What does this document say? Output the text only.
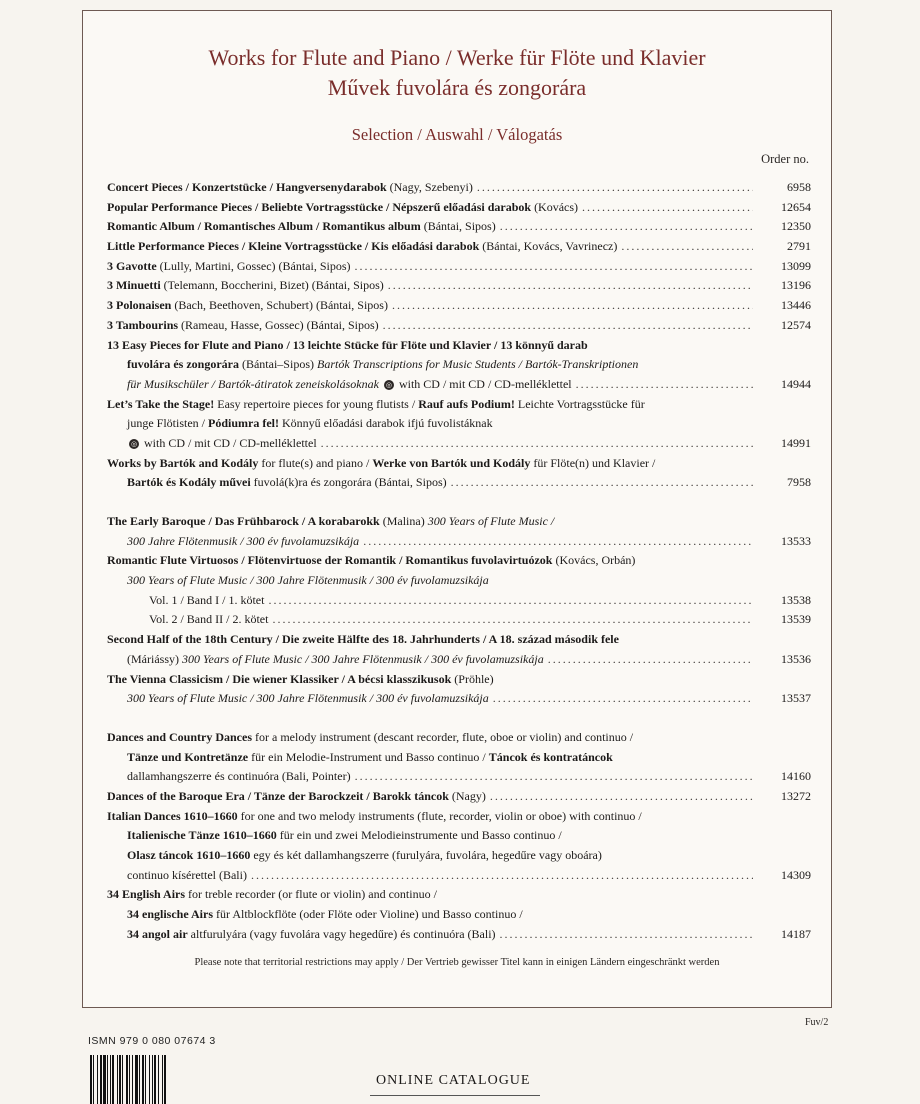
Works for Flute and Piano / Werke für Flöte und Klavier
Művek fuvolára és zongorára
Selection / Auswahl / Válogatás
Order no.
Concert Pieces / Konzertstücke / Hangversenydarabok (Nagy, Szebenyi) . . .	6958
Popular Performance Pieces / Beliebte Vortragsstücke / Népszerű előadási darabok (Kovács) . . .	12654
Romantic Album / Romantisches Album / Romantikus album (Bántai, Sipos) . . .	12350
Little Performance Pieces / Kleine Vortragsstücke / Kis előadási darabok (Bántai, Kovács, Vavrinecz) . . .	2791
3 Gavotte (Lully, Martini, Gossec) (Bántai, Sipos) . . .	13099
3 Minuetti (Telemann, Boccherini, Bizet) (Bántai, Sipos) . . .	13196
3 Polonaisen (Bach, Beethoven, Schubert) (Bántai, Sipos) . . .	13446
3 Tambourins (Rameau, Hasse, Gossec) (Bántai, Sipos) . . .	12574
13 Easy Pieces for Flute and Piano / 13 leichte Stücke für Flöte und Klavier / 13 könnyű darab
fuvolára és zongorára (Bántai–Sipos) Bartók Transcriptions for Music Students / Bartók-Transkriptionen
für Musikschüler / Bartók-átiratok zeneiskolásoknak ◎ with CD / mit CD / CD-melléklettel . . .	14944
Let’s Take the Stage! Easy repertoire pieces for young flutists / Rauf aufs Podium! Leichte Vortragsstücke für
junge Flötisten / Pódiumra fel! Könnyű előadási darabok ifjú fuvolistáknak
◎ with CD / mit CD / CD-melléklettel . . .	14991
Works by Bartók and Kodály for flute(s) and piano / Werke von Bartók und Kodály für Flöte(n) und Klavier /
Bartók és Kodály művei fuvolá(k)ra és zongorára (Bántai, Sipos) . . .	7958
The Early Baroque / Das Frühbarock / A korabarokk (Malina) 300 Years of Flute Music /
300 Jahre Flötenmusik / 300 év fuvolamuzsikája . . .	13533
Romantic Flute Virtuosos / Flötenvirtuose der Romantik / Romantikus fuvolavirtuózok (Kovács, Orbán)
300 Years of Flute Music / 300 Jahre Flötenmusik / 300 év fuvolamuzsikája
Vol. 1 / Band I / 1. kötet . . .	13538
Vol. 2 / Band II / 2. kötet . . .	13539
Second Half of the 18th Century / Die zweite Hälfte des 18. Jahrhunderts / A 18. század második fele
(Máriássy) 300 Years of Flute Music / 300 Jahre Flötenmusik / 300 év fuvolamuzsikája . . .	13536
The Vienna Classicism / Die wiener Klassiker / A bécsi klasszikusok (Pröhle)
300 Years of Flute Music / 300 Jahre Flötenmusik / 300 év fuvolamuzsikája . . .	13537
Dances and Country Dances for a melody instrument (descant recorder, flute, oboe or violin) and continuo /
Tänze und Kontretänze für ein Melodie-Instrument und Basso continuo / Táncok és kontratáncok
dallamhangszerre és continuóra (Bali, Pointer) . . .	14160
Dances of the Baroque Era / Tänze der Barockzeit / Barokk táncok (Nagy) . . .	13272
Italian Dances 1610–1660 for one and two melody instruments (flute, recorder, violin or oboe) with continuo /
Italienische Tänze 1610–1660 für ein und zwei Melodieinstrumente und Basso continuo /
Olasz táncok 1610–1660 egy és két dallamhangszerre (furulyára, fuvolára, hegedűre vagy oboára)
continuo kísérettel (Bali) . . .	14309
34 English Airs for treble recorder (or flute or violin) and continuo /
34 englische Airs für Altblockflöte (oder Flöte oder Violine) und Basso continuo /
34 angol air altfurulyára (vagy fuvolára vagy hegedűre) és continuóra (Bali) . . .	14187
Please note that territorial restrictions may apply / Der Vertrieb gewisser Titel kann in einigen Ländern eingeschränkt werden
Fuv/2
ISMN 979 0 080 07674 3
ONLINE CATALOGUE
